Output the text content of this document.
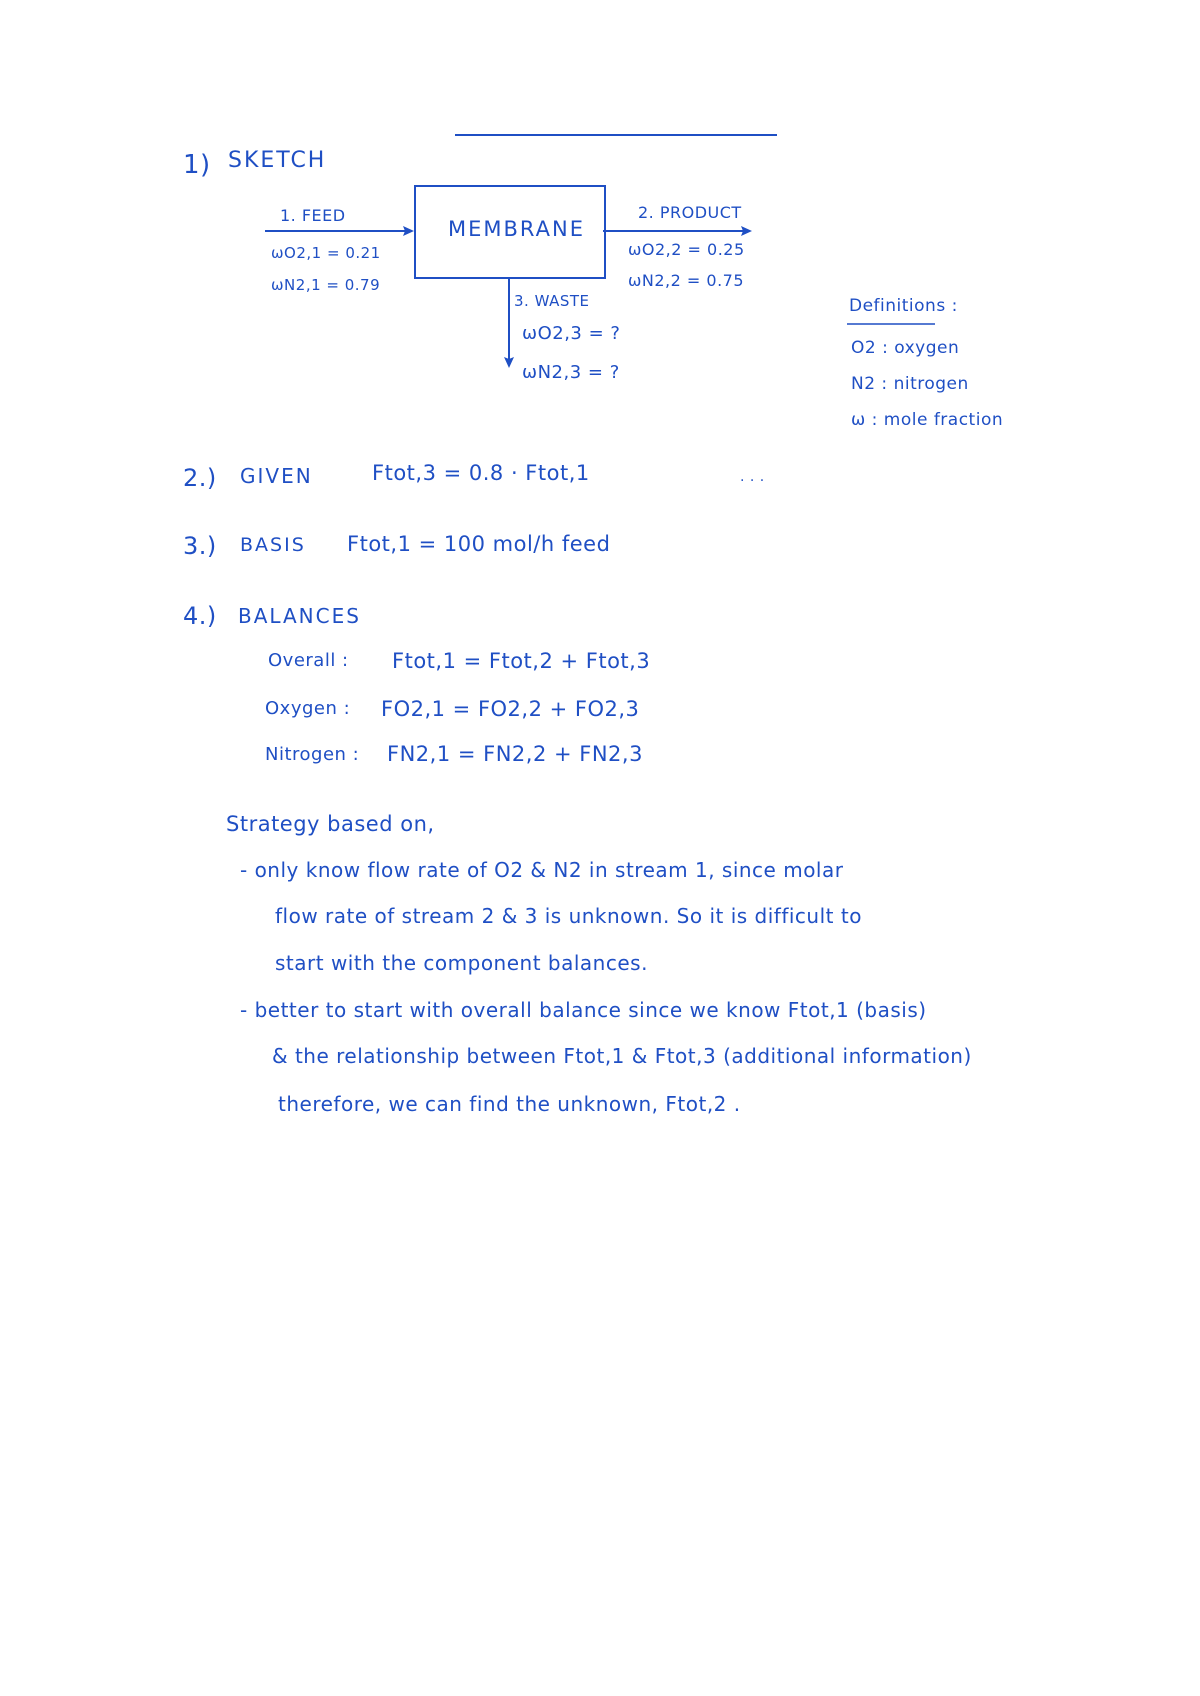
1) SKETCH
MEMBRANE
1. FEED
ωO2,1 = 0.21
ωN2,1 = 0.79
2. PRODUCT
ωO2,2 = 0.25
ωN2,2 = 0.75
3. WASTE
ωO2,3 = ?
ωN2,3 = ?
Definitions :
O2 : oxygen
N2 : nitrogen
ω : mole fraction
2.) GIVEN	Ftot,3 = 0.8 · Ftot,1	. . .
3.) BASIS Ftot,1 = 100 mol/h feed
4.) BALANCES
Overall : Ftot,1 = Ftot,2 + Ftot,3
Oxygen : FO2,1 = FO2,2 + FO2,3
Nitrogen : FN2,1 = FN2,2 + FN2,3
Strategy based on,
- only know flow rate of O2 & N2 in stream 1, since molar
flow rate of stream 2 & 3 is unknown. So it is difficult to
start with the component balances.
- better to start with overall balance since we know Ftot,1 (basis)
& the relationship between Ftot,1 & Ftot,3 (additional information)
therefore, we can find the unknown, Ftot,2 .
